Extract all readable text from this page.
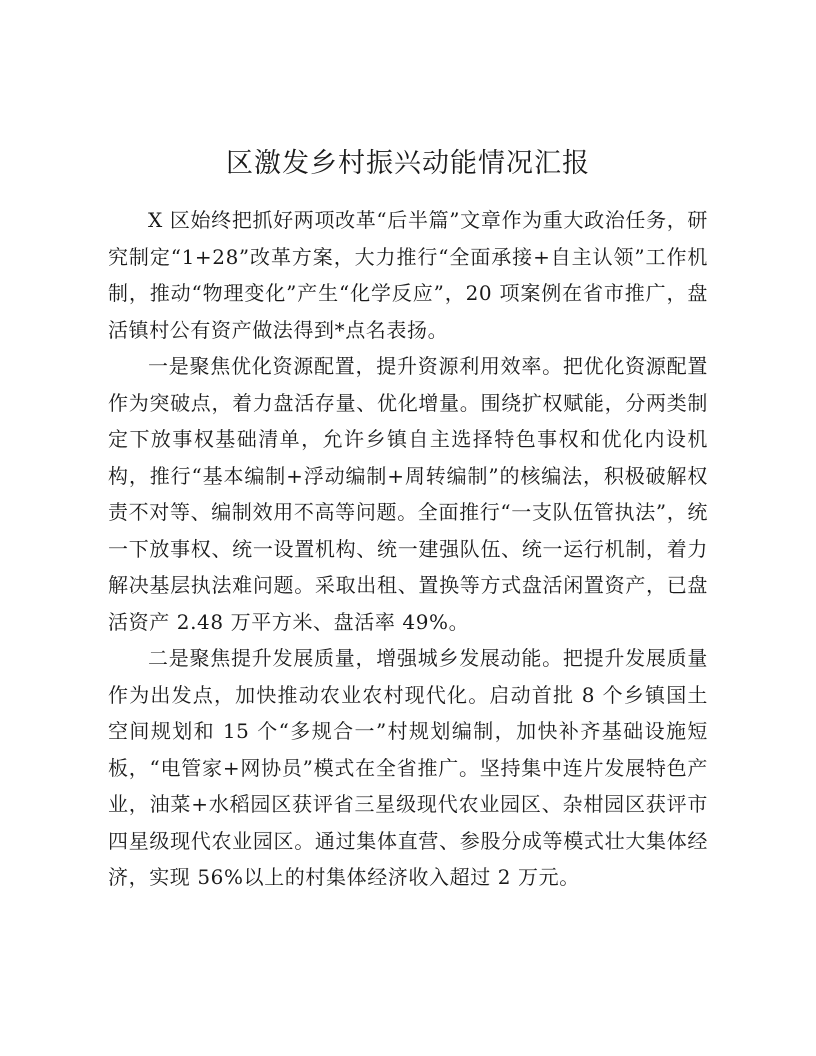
区激发乡村振兴动能情况汇报

X 区始终把抓好两项改革“后半篇”文章作为重大政治任务，研究制定“1+28”改革方案，大力推行“全面承接+自主认领”工作机制，推动“物理变化”产生“化学反应”，20 项案例在省市推广，盘活镇村公有资产做法得到*点名表扬。

一是聚焦优化资源配置，提升资源利用效率。把优化资源配置作为突破点，着力盘活存量、优化增量。围绕扩权赋能，分两类制定下放事权基础清单，允许乡镇自主选择特色事权和优化内设机构，推行“基本编制+浮动编制+周转编制”的核编法，积极破解权责不对等、编制效用不高等问题。全面推行“一支队伍管执法”，统一下放事权、统一设置机构、统一建强队伍、统一运行机制，着力解决基层执法难问题。采取出租、置换等方式盘活闲置资产，已盘活资产 2.48 万平方米、盘活率 49%。

二是聚焦提升发展质量，增强城乡发展动能。把提升发展质量作为出发点，加快推动农业农村现代化。启动首批 8 个乡镇国土空间规划和 15 个“多规合一”村规划编制，加快补齐基础设施短板，“电管家+网协员”模式在全省推广。坚持集中连片发展特色产业，油菜+水稻园区获评省三星级现代农业园区、杂柑园区获评市四星级现代农业园区。通过集体直营、参股分成等模式壮大集体经济，实现 56%以上的村集体经济收入超过 2 万元。
